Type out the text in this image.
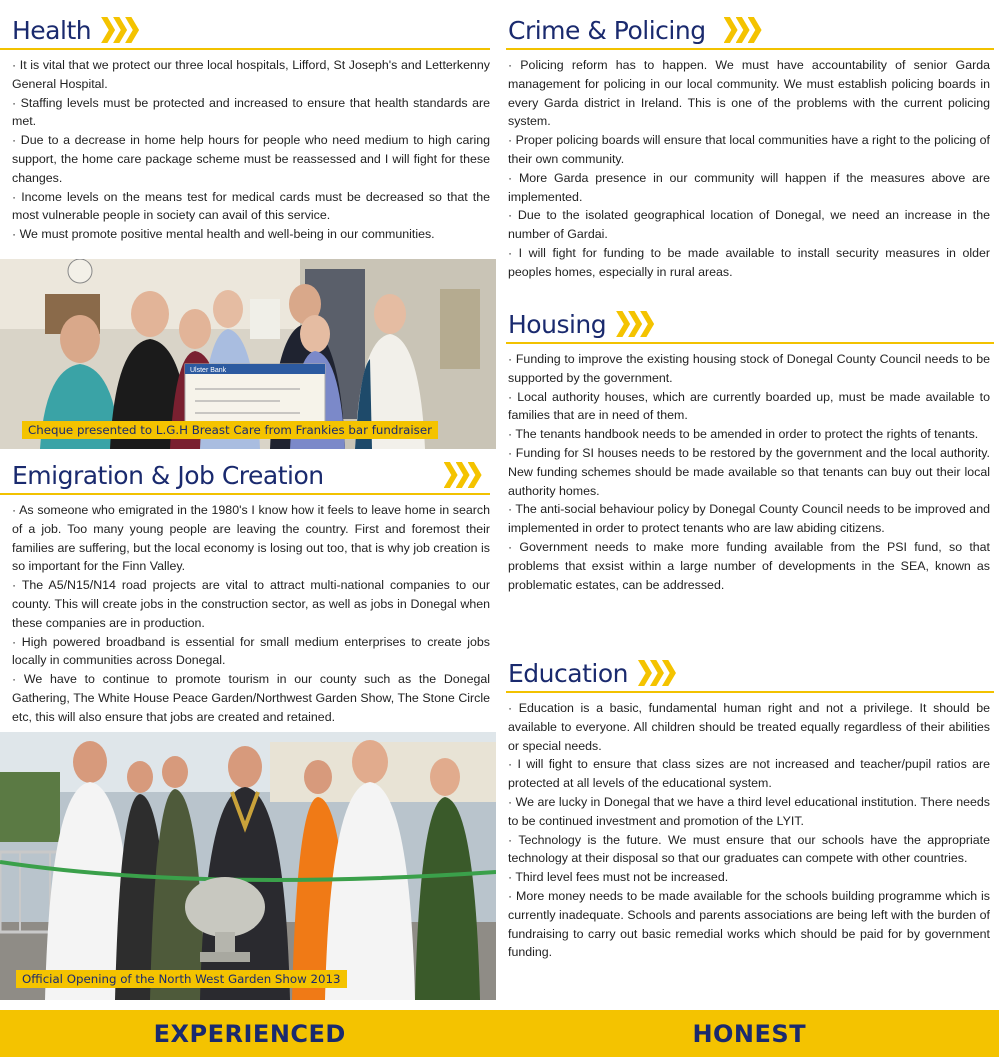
Health

· It is vital that we protect our three local hospitals, Lifford, St Joseph's and Letterkenny General Hospital.

· Staffing levels must be protected and increased to ensure that health standards are met.

· Due to a decrease in home help hours for people who need medium to high caring support, the home care package scheme must be reassessed and I will fight for these changes.

· Income levels on the means test for medical cards must be decreased so that the most vulnerable people in society can avail of this service.

· We must promote positive mental health and well-being in our communities.

Ulster Bank
Cheque presented to L.G.H Breast Care from Frankies bar fundraiser
Emigration & Job Creation

· As someone who emigrated in the 1980's I know how it feels to leave home in search of a job. Too many young people are leaving the country. First and foremost their families are suffering, but the local economy is losing out too, that is why job creation is so important for the Finn Valley.

· The A5/N15/N14 road projects are vital to attract multi-national companies to our county. This will create jobs in the construction sector, as well as jobs in Donegal when these companies are in production.

· High powered broadband is essential for small medium enterprises to create jobs locally in communities across Donegal.

· We have to continue to promote tourism in our county such as the Donegal Gathering, The White House Peace Garden/Northwest Garden Show, The Stone Circle etc, this will also ensure that jobs are created and retained.

Official Opening of the North West Garden Show 2013
Crime & Policing

· Policing reform has to happen. We must have accountability of senior Garda management for policing in our local community. We must establish policing boards in every Garda district in Ireland. This is one of the problems with the current policing system.

· Proper policing boards will ensure that local communities have a right to the policing of their own community.

· More Garda presence in our community will happen if the measures above are implemented.

· Due to the isolated geographical location of Donegal, we need an increase in the number of Gardai.

· I will fight for funding to be made available to install security measures in older peoples homes, especially in rural areas.

Housing

· Funding to improve the existing housing stock of Donegal County Council needs to be supported by the government.

· Local authority houses, which are currently boarded up, must be made available to families that are in need of them.

· The tenants handbook needs to be amended in order to protect the rights of tenants.

· Funding for SI houses needs to be restored by the government and the local authority. New funding schemes should be made available so that tenants can buy out their local authority homes.

· The anti-social behaviour policy by Donegal County Council needs to be improved and implemented in order to protect tenants who are law abiding citizens.

· Government needs to make more funding available from the PSI fund, so that problems that exsist within a large number of developments in the SEA, known as problematic estates, can be addressed.

Education

· Education is a basic, fundamental human right and not a privilege. It should be available to everyone. All children should be treated equally regardless of their abilities or special needs.

· I will fight to ensure that class sizes are not increased and teacher/pupil ratios are protected at all levels of the educational system.

· We are lucky in Donegal that we have a third level educational institution. There needs to be continued investment and promotion of the LYIT.

· Technology is the future. We must ensure that our schools have the appropriate technology at their disposal so that our graduates can compete with other countries.

· Third level fees must not be increased.

· More money needs to be made available for the schools building programme which is currently inadequate. Schools and parents associations are being left with the burden of fundraising to carry out basic remedial works which should be paid for by government funding.

EXPERIENCED	HONEST
